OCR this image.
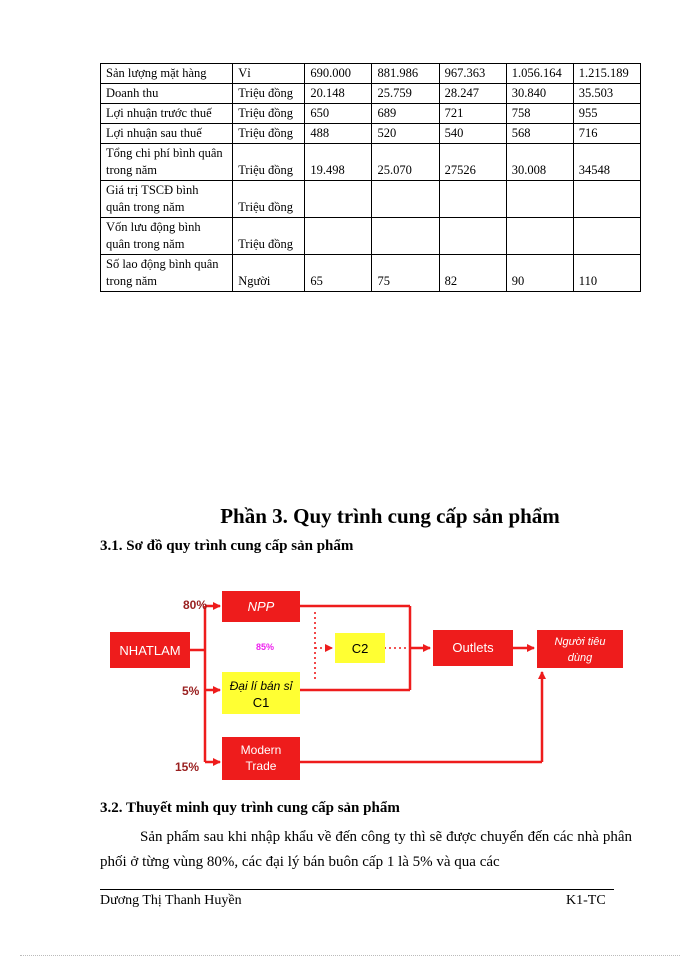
Sản lượng mặt hàng	Vỉ	690.000	881.986	967.363	1.056.164	1.215.189

Doanh thu	Triệu đồng	20.148	25.759	28.247	30.840	35.503

Lợi nhuận trước thuế	Triệu đồng	650	689	721	758	955

Lợi nhuận sau thuế	Triệu đồng	488	520	540	568	716

Tổng chi phí bình quân
trong năm	Triệu đồng	19.498	25.070	27526	30.008	34548

Giá trị TSCĐ bình
quân trong năm	Triệu đồng					

Vốn lưu động bình
quân trong năm	Triệu đồng					

Số lao động bình quân
trong năm	Người	65	75	82	90	110
Phần 3. Quy trình cung cấp sản phẩm
3.1. Sơ đồ quy trình cung cấp sản phẩm
NHATLAM
NPP
Đại lí bán sỉ
C1
Modern
Trade
C2	Outlets	Người tiêu
dùng
80%
5%
15%
85%
3.2. Thuyết minh quy trình cung cấp sản phẩm
Sản phẩm sau khi nhập khẩu về đến công ty thì sẽ được chuyển đến các nhà phân phối ở từng vùng 80%, các đại lý bán buôn cấp 1 là 5% và qua các
Dương Thị Thanh Huyền	K1-TC
